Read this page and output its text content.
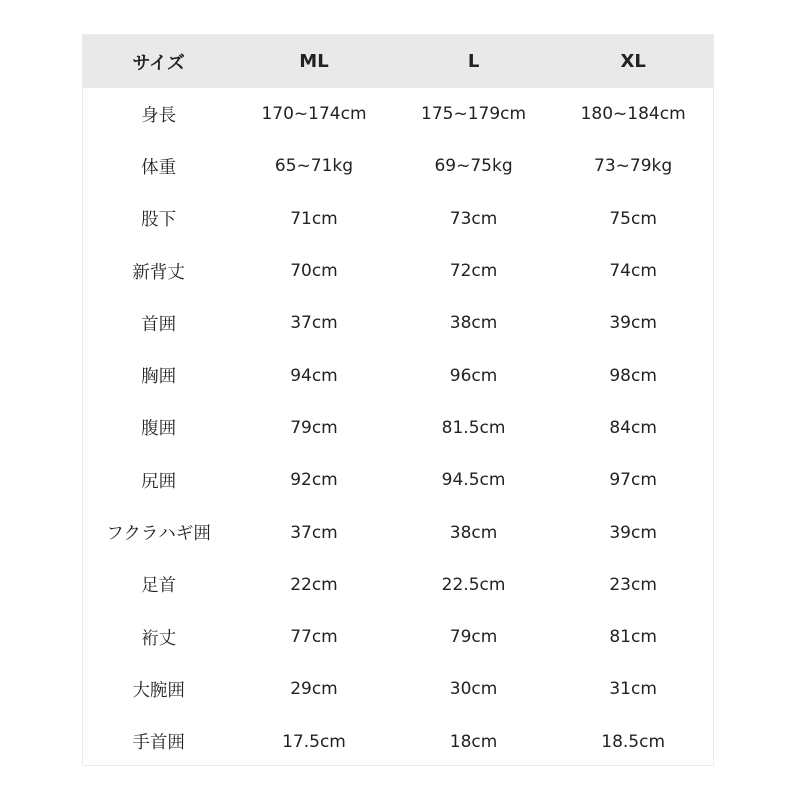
サイズ	ML	L	XL
身長	170~174cm	175~179cm	180~184cm
体重	65~71kg	69~75kg	73~79kg
股下	71cm	73cm	75cm
新背丈	70cm	72cm	74cm
首囲	37cm	38cm	39cm
胸囲	94cm	96cm	98cm
腹囲	79cm	81.5cm	84cm
尻囲	92cm	94.5cm	97cm
フクラハギ囲	37cm	38cm	39cm
足首	22cm	22.5cm	23cm
裄丈	77cm	79cm	81cm
大腕囲	29cm	30cm	31cm
手首囲	17.5cm	18cm	18.5cm
